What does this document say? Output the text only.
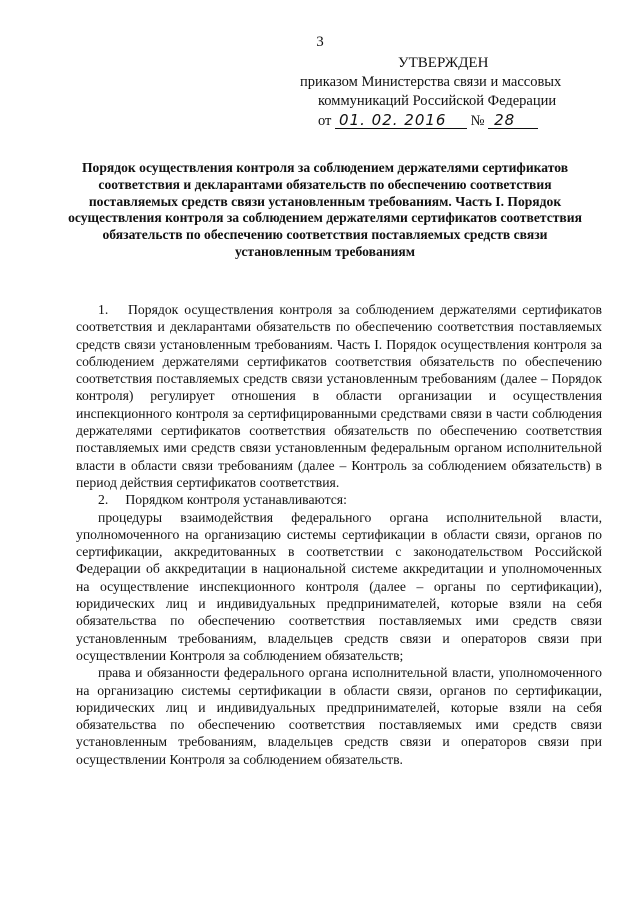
3
УТВЕРЖДЕН
приказом Министерства связи и массовых
коммуникаций Российской Федерации
от 01. 02. 2016 № 28
Порядок осуществления контроля за соблюдением держателями сертификатов соответствия и декларантами обязательств по обеспечению соответствия поставляемых средств связи установленным требованиям. Часть I. Порядок осуществления контроля за соблюдением держателями сертификатов соответствия обязательств по обеспечению соответствия поставляемых средств связи установленным требованиям

1. Порядок осуществления контроля за соблюдением держателями сертификатов соответствия и декларантами обязательств по обеспечению соответствия поставляемых средств связи установленным требованиям. Часть I. Порядок осуществления контроля за соблюдением держателями сертификатов соответствия обязательств по обеспечению соответствия поставляемых средств связи установленным требованиям (далее – Порядок контроля) регулирует отношения в области организации и осуществления инспекционного контроля за сертифицированными средствами связи в части соблюдения держателями сертификатов соответствия обязательств по обеспечению соответствия поставляемых ими средств связи установленным федеральным органом исполнительной власти в области связи требованиям (далее – Контроль за соблюдением обязательств) в период действия сертификатов соответствия.

2. Порядком контроля устанавливаются:

процедуры взаимодействия федерального органа исполнительной власти, уполномоченного на организацию системы сертификации в области связи, органов по сертификации, аккредитованных в соответствии с законодательством Российской Федерации об аккредитации в национальной системе аккредитации и уполномоченных на осуществление инспекционного контроля (далее – органы по сертификации), юридических лиц и индивидуальных предпринимателей, которые взяли на себя обязательства по обеспечению соответствия поставляемых ими средств связи установленным требованиям, владельцев средств связи и операторов связи при осуществлении Контроля за соблюдением обязательств;

права и обязанности федерального органа исполнительной власти, уполномоченного на организацию системы сертификации в области связи, органов по сертификации, юридических лиц и индивидуальных предпринимателей, которые взяли на себя обязательства по обеспечению соответствия поставляемых ими средств связи установленным требованиям, владельцев средств связи и операторов связи при осуществлении Контроля за соблюдением обязательств.
